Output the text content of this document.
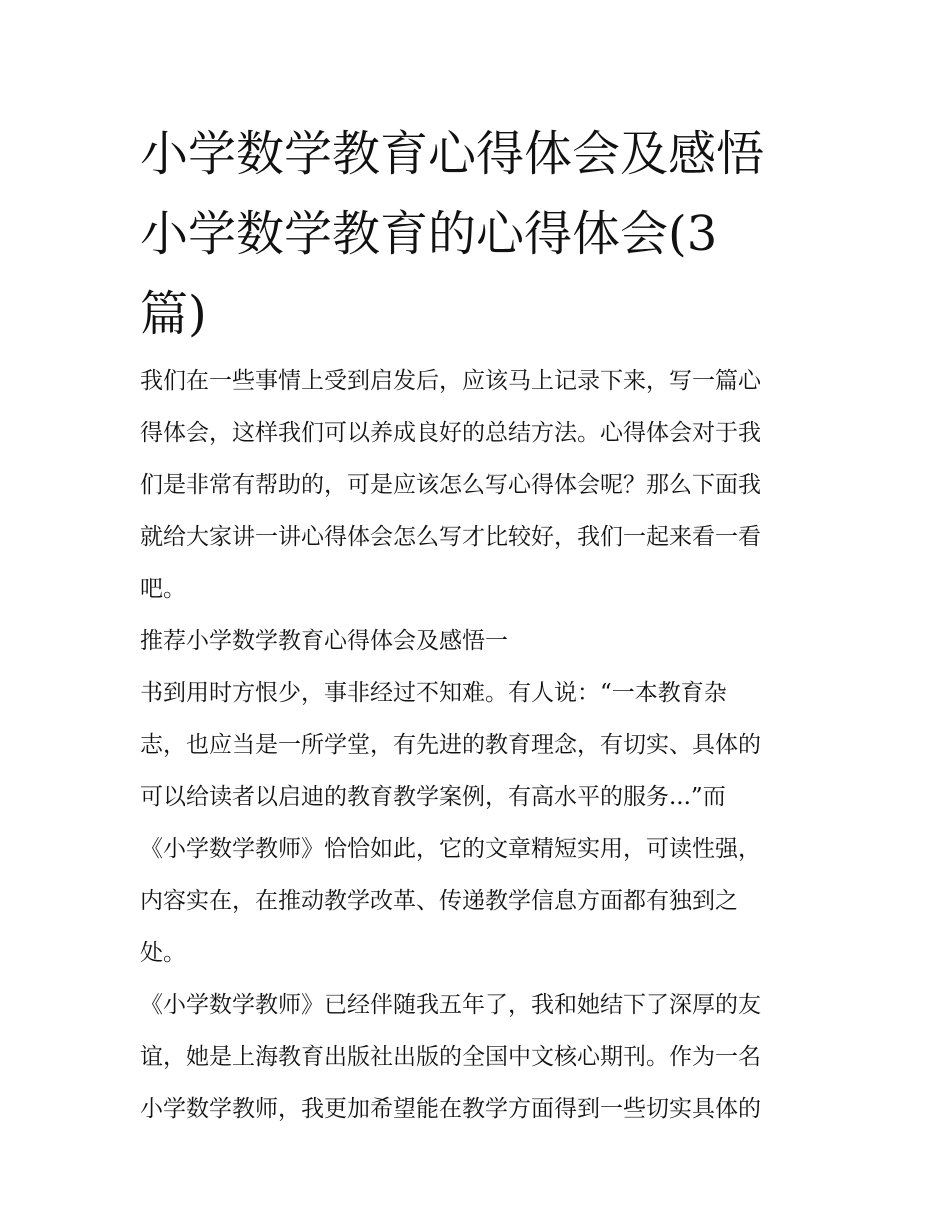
小学数学教育心得体会及感悟
小学数学教育的心得体会(3
篇)

我们在一些事情上受到启发后，应该马上记录下来，写一篇心
得体会，这样我们可以养成良好的总结方法。心得体会对于我
们是非常有帮助的，可是应该怎么写心得体会呢？那么下面我
就给大家讲一讲心得体会怎么写才比较好，我们一起来看一看
吧。

推荐小学数学教育心得体会及感悟一

书到用时方恨少，事非经过不知难。有人说：“一本教育杂
志，也应当是一所学堂，有先进的教育理念，有切实、具体的
可以给读者以启迪的教育教学案例，有高水平的服务...”而
《小学数学教师》恰恰如此，它的文章精短实用，可读性强，
内容实在，在推动教学改革、传递教学信息方面都有独到之
处。

《小学数学教师》已经伴随我五年了，我和她结下了深厚的友
谊，她是上海教育出版社出版的全国中文核心期刊。作为一名
小学数学教师，我更加希望能在教学方面得到一些切实具体的
